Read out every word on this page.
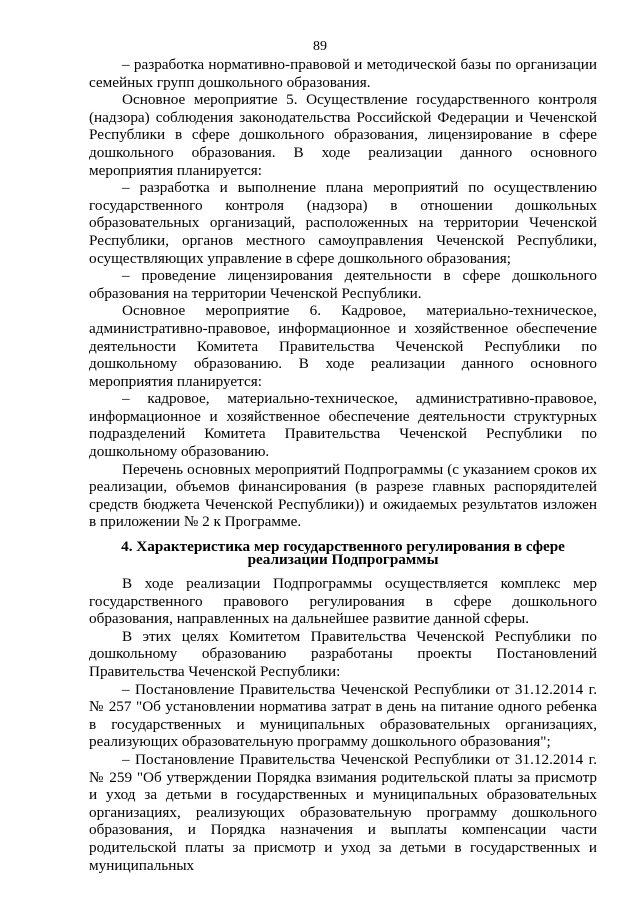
89

– разработка нормативно-правовой и методической базы по организации семейных групп дошкольного образования.

Основное мероприятие 5. Осуществление государственного контроля (надзора) соблюдения законодательства Российской Федерации и Чеченской Республики в сфере дошкольного образования, лицензирование в сфере дошкольного образования. В ходе реализации данного основного мероприятия планируется:

– разработка и выполнение плана мероприятий по осуществлению государственного контроля (надзора) в отношении дошкольных образовательных организаций, расположенных на территории Чеченской Республики, органов местного самоуправления Чеченской Республики, осуществляющих управление в сфере дошкольного образования;

– проведение лицензирования деятельности в сфере дошкольного образования на территории Чеченской Республики.

Основное мероприятие 6. Кадровое, материально-техническое, административно-правовое, информационное и хозяйственное обеспечение деятельности Комитета Правительства Чеченской Республики по дошкольному образованию. В ходе реализации данного основного мероприятия планируется:

– кадровое, материально-техническое, административно-правовое, информационное и хозяйственное обеспечение деятельности структурных подразделений Комитета Правительства Чеченской Республики по дошкольному образованию.

Перечень основных мероприятий Подпрограммы (с указанием сроков их реализации, объемов финансирования (в разрезе главных распорядителей средств бюджета Чеченской Республики)) и ожидаемых результатов изложен в приложении № 2 к Программе.

4. Характеристика мер государственного регулирования в сфере
реализации Подпрограммы

В ходе реализации Подпрограммы осуществляется комплекс мер государственного правового регулирования в сфере дошкольного образования, направленных на дальнейшее развитие данной сферы.

В этих целях Комитетом Правительства Чеченской Республики по дошкольному образованию разработаны проекты Постановлений Правительства Чеченской Республики:

– Постановление Правительства Чеченской Республики от 31.12.2014 г. № 257 "Об установлении норматива затрат в день на питание одного ребенка в государственных и муниципальных образовательных организациях, реализующих образовательную программу дошкольного образования";

– Постановление Правительства Чеченской Республики от 31.12.2014 г. № 259 "Об утверждении Порядка взимания родительской платы за присмотр и уход за детьми в государственных и муниципальных образовательных организациях, реализующих образовательную программу дошкольного образования, и Порядка назначения и выплаты компенсации части родительской платы за присмотр и уход за детьми в государственных и муниципальных
